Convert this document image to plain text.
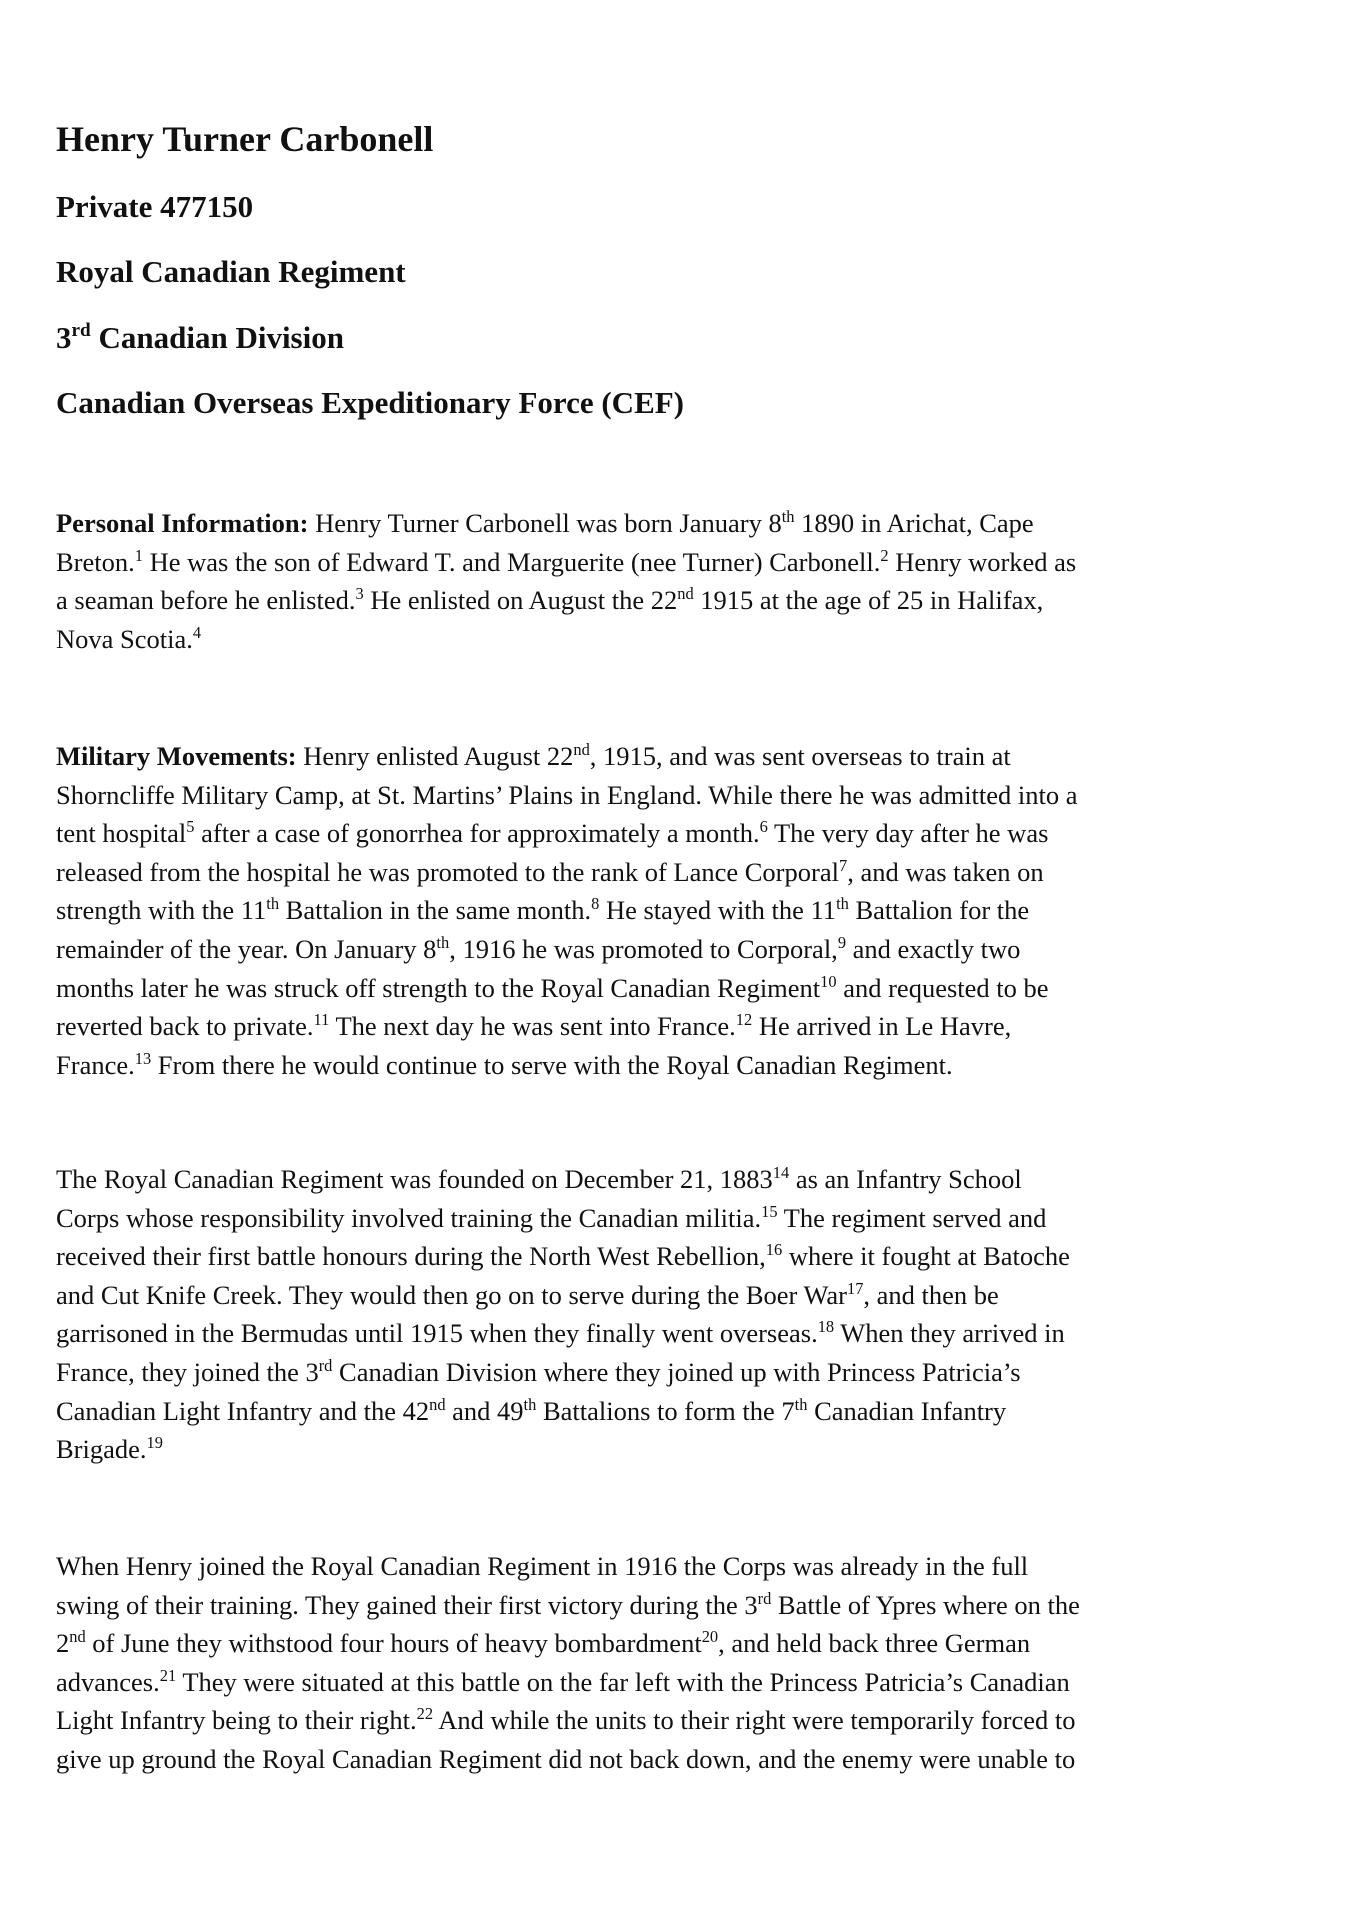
Henry Turner Carbonell
Private 477150
Royal Canadian Regiment
3rd Canadian Division
Canadian Overseas Expeditionary Force (CEF)
Personal Information: Henry Turner Carbonell was born January 8th 1890 in Arichat, Cape
Breton.$^1$ He was the son of Edward T. and Marguerite (nee Turner) Carbonell.$^2$ Henry worked as
a seaman before he enlisted.$^3$ He enlisted on August the 22nd 1915 at the age of 25 in Halifax,
Nova Scotia.$^4$
Military Movements: Henry enlisted August 22nd, 1915, and was sent overseas to train at
Shorncliffe Military Camp, at St. Martins’ Plains in England. While there he was admitted into a
tent hospital$^5$ after a case of gonorrhea for approximately a month.$^6$ The very day after he was
released from the hospital he was promoted to the rank of Lance Corporal$^7$, and was taken on
strength with the 11th Battalion in the same month.$^8$ He stayed with the 11th Battalion for the
remainder of the year. On January 8th, 1916 he was promoted to Corporal,$^9$ and exactly two
months later he was struck off strength to the Royal Canadian Regiment$^{10}$ and requested to be
reverted back to private.$^{11}$ The next day he was sent into France.$^{12}$ He arrived in Le Havre,
France.$^{13}$ From there he would continue to serve with the Royal Canadian Regiment.
The Royal Canadian Regiment was founded on December 21, 1883$^{14}$ as an Infantry School
Corps whose responsibility involved training the Canadian militia.$^{15}$ The regiment served and
received their first battle honours during the North West Rebellion,$^{16}$ where it fought at Batoche
and Cut Knife Creek. They would then go on to serve during the Boer War$^{17}$, and then be
garrisoned in the Bermudas until 1915 when they finally went overseas.$^{18}$ When they arrived in
France, they joined the 3rd Canadian Division where they joined up with Princess Patricia’s
Canadian Light Infantry and the 42nd and 49th Battalions to form the 7th Canadian Infantry
Brigade.$^{19}$
When Henry joined the Royal Canadian Regiment in 1916 the Corps was already in the full
swing of their training. They gained their first victory during the 3rd Battle of Ypres where on the
2nd of June they withstood four hours of heavy bombardment$^{20}$, and held back three German
advances.$^{21}$ They were situated at this battle on the far left with the Princess Patricia’s Canadian
Light Infantry being to their right.$^{22}$ And while the units to their right were temporarily forced to
give up ground the Royal Canadian Regiment did not back down, and the enemy were unable to
